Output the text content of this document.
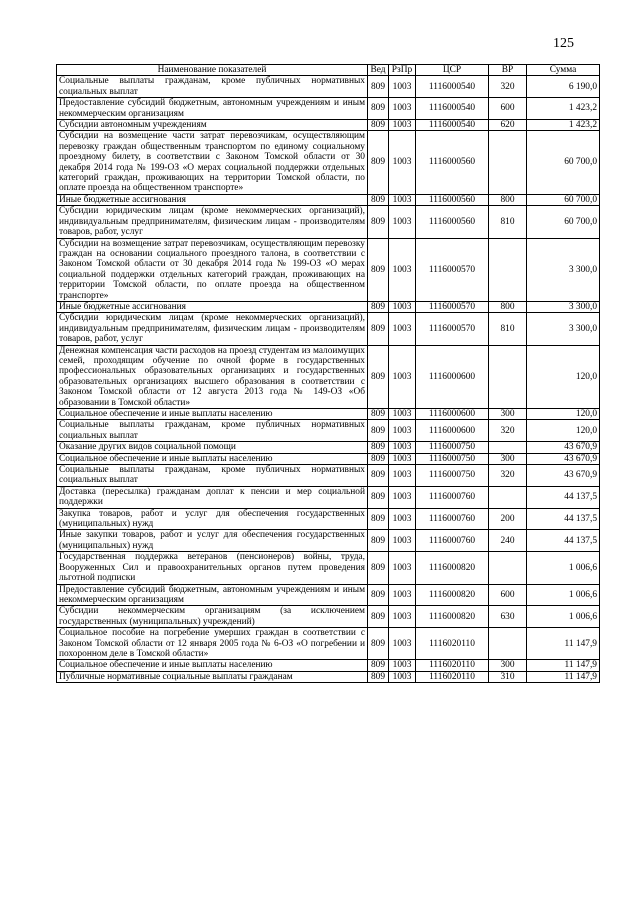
125
Наименование показателей	Вед	РзПр	ЦСР	ВР	Сумма
Социальные выплаты гражданам, кроме публичных нормативных социальных выплат	809	1003	1116000540	320	6 190,0
Предоставление субсидий бюджетным, автономным учреждениям и иным некоммерческим организациям	809	1003	1116000540	600	1 423,2
Субсидии автономным учреждениям	809	1003	1116000540	620	1 423,2
Субсидии на возмещение части затрат перевозчикам, осуществляющим перевозку граждан общественным транспортом по единому социальному проездному билету, в соответствии с Законом Томской области от 30 декабря 2014 года № 199-ОЗ «О мерах социальной поддержки отдельных категорий граждан, проживающих на территории Томской области, по оплате проезда на общественном транспорте»	809	1003	1116000560		60 700,0
Иные бюджетные ассигнования	809	1003	1116000560	800	60 700,0
Субсидии юридическим лицам (кроме некоммерческих организаций), индивидуальным предпринимателям, физическим лицам - производителям товаров, работ, услуг	809	1003	1116000560	810	60 700,0
Субсидии на возмещение затрат перевозчикам, осуществляющим перевозку граждан на основании социального проездного талона, в соответствии с Законом Томской области от 30 декабря 2014 года № 199-ОЗ «О мерах социальной поддержки отдельных категорий граждан, проживающих на территории Томской области, по оплате проезда на общественном транспорте»	809	1003	1116000570		3 300,0
Иные бюджетные ассигнования	809	1003	1116000570	800	3 300,0
Субсидии юридическим лицам (кроме некоммерческих организаций), индивидуальным предпринимателям, физическим лицам - производителям товаров, работ, услуг	809	1003	1116000570	810	3 300,0
Денежная компенсация части расходов на проезд студентам из малоимущих семей, проходящим обучение по очной форме в государственных профессиональных образовательных организациях и государственных образовательных организациях высшего образования в соответствии с Законом Томской области от 12 августа 2013 года № 149-ОЗ «Об образовании в Томской области»	809	1003	1116000600		120,0
Социальное обеспечение и иные выплаты населению	809	1003	1116000600	300	120,0
Социальные выплаты гражданам, кроме публичных нормативных социальных выплат	809	1003	1116000600	320	120,0
Оказание других видов социальной помощи	809	1003	1116000750		43 670,9
Социальное обеспечение и иные выплаты населению	809	1003	1116000750	300	43 670,9
Социальные выплаты гражданам, кроме публичных нормативных социальных выплат	809	1003	1116000750	320	43 670,9
Доставка (пересылка) гражданам доплат к пенсии и мер социальной поддержки	809	1003	1116000760		44 137,5
Закупка товаров, работ и услуг для обеспечения государственных (муниципальных) нужд	809	1003	1116000760	200	44 137,5
Иные закупки товаров, работ и услуг для обеспечения государственных (муниципальных) нужд	809	1003	1116000760	240	44 137,5
Государственная поддержка ветеранов (пенсионеров) войны, труда, Вооруженных Сил и правоохранительных органов путем проведения льготной подписки	809	1003	1116000820		1 006,6
Предоставление субсидий бюджетным, автономным учреждениям и иным некоммерческим организациям	809	1003	1116000820	600	1 006,6
Субсидии некоммерческим организациям (за исключением государственных (муниципальных) учреждений)	809	1003	1116000820	630	1 006,6
Социальное пособие на погребение умерших граждан в соответствии с Законом Томской области от 12 января 2005 года № 6-ОЗ «О погребении и похоронном деле в Томской области»	809	1003	1116020110		11 147,9
Социальное обеспечение и иные выплаты населению	809	1003	1116020110	300	11 147,9
Публичные нормативные социальные выплаты гражданам	809	1003	1116020110	310	11 147,9
